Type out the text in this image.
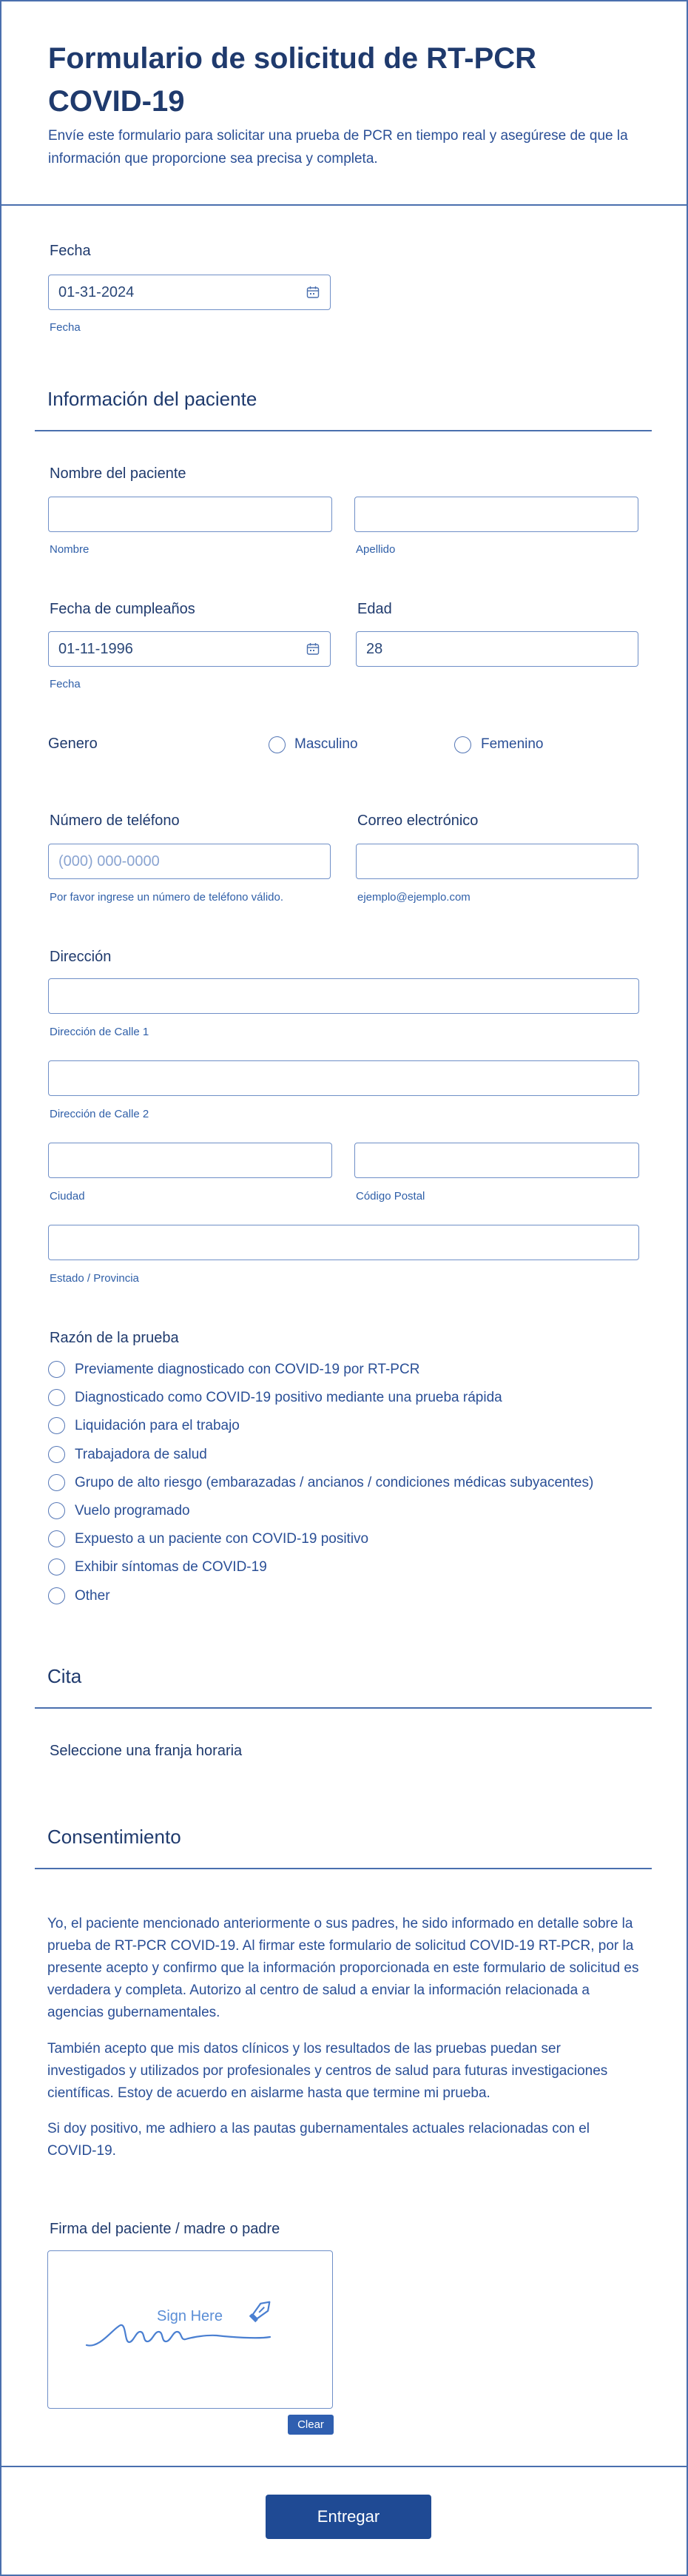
Formulario de solicitud de RT-PCR COVID-19
Envíe este formulario para solicitar una prueba de PCR en tiempo real y asegúrese de que la información que proporcione sea precisa y completa.
Fecha
01-31-2024
Fecha
Información del paciente
Nombre del paciente
Nombre	Apellido
Fecha de cumpleaños
01-11-1996
Fecha
Edad
28
Genero	Masculino	Femenino
Número de teléfono
(000) 000-0000
Por favor ingrese un número de teléfono válido.
Correo electrónico
ejemplo@ejemplo.com
Dirección
Dirección de Calle 1
Dirección de Calle 2
Ciudad	Código Postal
Estado / Provincia
Razón de la prueba
Previamente diagnosticado con COVID-19 por RT-PCR
Diagnosticado como COVID-19 positivo mediante una prueba rápida
Liquidación para el trabajo
Trabajadora de salud
Grupo de alto riesgo (embarazadas / ancianos / condiciones médicas subyacentes)
Vuelo programado
Expuesto a un paciente con COVID-19 positivo
Exhibir síntomas de COVID-19
Other
Cita
Seleccione una franja horaria
Consentimiento
Yo, el paciente mencionado anteriormente o sus padres, he sido informado en detalle sobre la prueba de RT-PCR COVID-19. Al firmar este formulario de solicitud COVID-19 RT-PCR, por la presente acepto y confirmo que la información proporcionada en este formulario de solicitud es verdadera y completa. Autorizo al centro de salud a enviar la información relacionada a agencias gubernamentales.
También acepto que mis datos clínicos y los resultados de las pruebas puedan ser investigados y utilizados por profesionales y centros de salud para futuras investigaciones científicas. Estoy de acuerdo en aislarme hasta que termine mi prueba.
Si doy positivo, me adhiero a las pautas gubernamentales actuales relacionadas con el COVID-19.
Firma del paciente / madre o padre
Sign Here
Clear
Entregar
